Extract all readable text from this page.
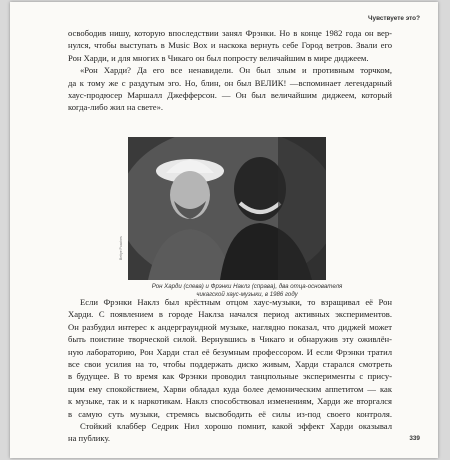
Чувствуете это?
освободив нишу, которую впоследствии занял Фрэнки. Но в конце 1982 года он вер-
нулся, чтобы выступать в Music Box и наскока вернуть себе Город ветров. Звали его
Рон Харди, и для многих в Чикаго он был попросту величайшим в мире диджеем.
«Рон Харди? Да его все ненавидели. Он был злым и противным торчком,
да к тому же с раздутым эго. Но, блин, он был ВЕЛИК! —вспоминает легендарный
хаус-продюсер Маршалл Джефферсон. — Он был величайшим диджеем, который
когда-либо жил на свете».
Bettye Poaches
Рон Харди (слева) и Фрэнки Наклз (справа), два отца-основателя чикагской хаус-музыки, в 1986 году
Если Фрэнки Наклз был крёстным отцом хаус-музыки, то взращивал её Рон
Харди. С появлением в городе Наклза начался период активных экспериментов.
Он разбудил интерес к андерграундной музыке, наглядно показал, что диджей может
быть поистине творческой силой. Вернувшись в Чикаго и обнаружив эту оживлён-
ную лабораторию, Рон Харди стал её безумным профессором. И если Фрэнки тратил
все свои усилия на то, чтобы поддержать диско живым, Харди старался смотреть
в будущее. В то время как Фрэнки проводил танцпольные эксперименты с прису-
щим ему спокойствием, Харви обладал куда более демоническим аппетитом — как
к музыке, так и к наркотикам. Наклз способствовал изменениям, Харди же вторгался
в самую суть музыки, стремясь высвободить её силы из-под своего контроля.
Стойкий клаббер Седрик Нил хорошо помнит, какой эффект Харди оказывал
на публику.	339
